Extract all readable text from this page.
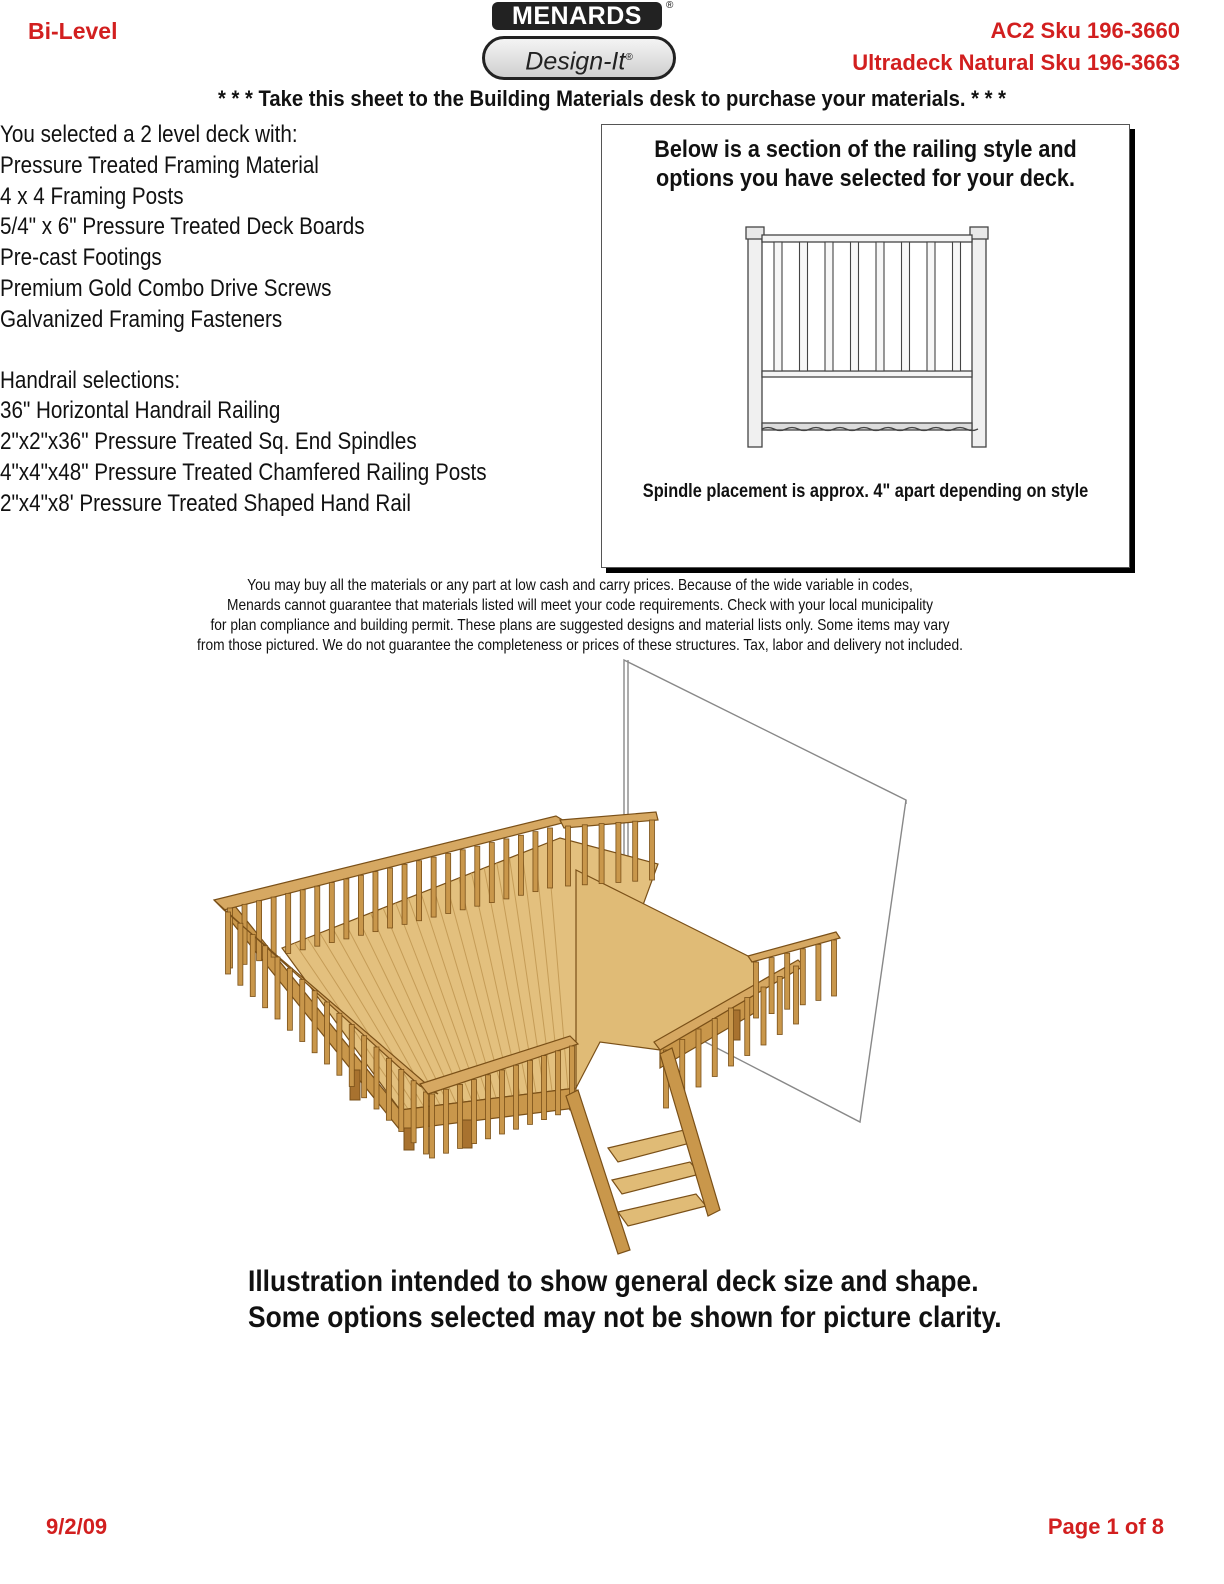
Bi-Level	AC2 Sku 196-3660
Ultradeck Natural Sku 196-3663
MENARDS	®
Design-It®
* * * Take this sheet to the Building Materials desk to purchase your materials. * * *
You selected a 2 level deck with:
Pressure Treated Framing Material
4 x 4 Framing Posts
5/4" x 6" Pressure Treated Deck Boards
Pre-cast Footings
Premium Gold Combo Drive Screws
Galvanized Framing Fasteners
Handrail selections:
36" Horizontal Handrail Railing
2"x2"x36" Pressure Treated Sq. End Spindles
4"x4"x48" Pressure Treated Chamfered Railing Posts
2"x4"x8' Pressure Treated Shaped Hand Rail
Below is a section of the railing style and
options you have selected for your deck.
Spindle placement is approx. 4" apart depending on style
You may buy all the materials or any part at low cash and carry prices. Because of the wide variable in codes,
Menards cannot guarantee that materials listed will meet your code requirements. Check with your local municipality
for plan compliance and building permit. These plans are suggested designs and material lists only. Some items may vary
from those pictured. We do not guarantee the completeness or prices of these structures. Tax, labor and delivery not included.
Illustration intended to show general deck size and shape.
Some options selected may not be shown for picture clarity.
9/2/09	Page 1 of 8
